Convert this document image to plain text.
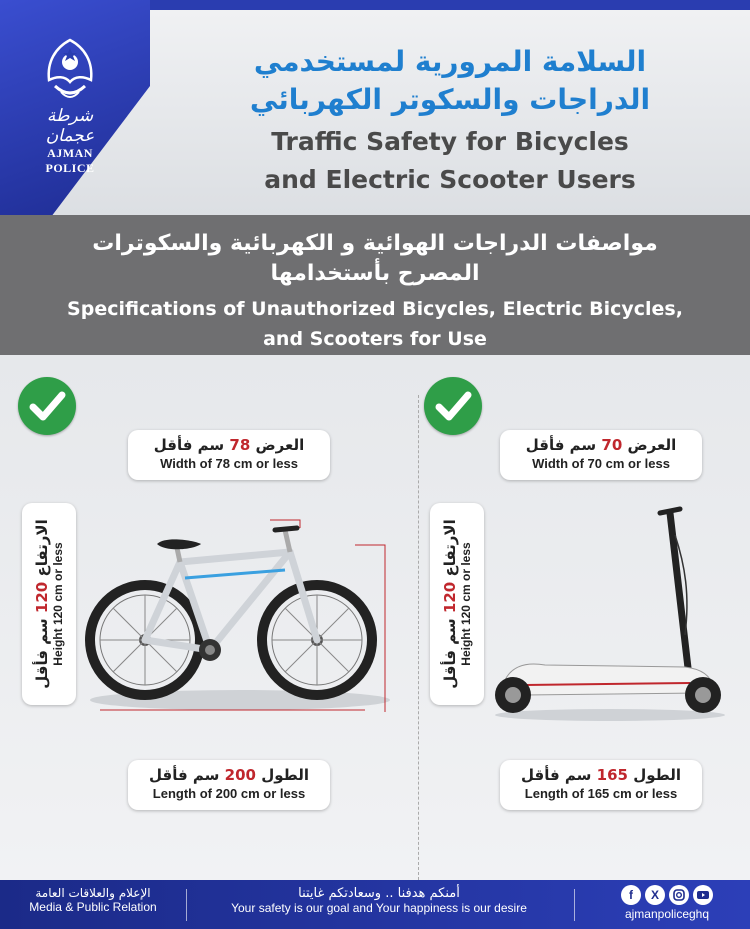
شرطة عجمان
AJMAN POLICE
السلامة المرورية لمستخدمي
الدراجات والسكوتر الكهربائي
Traffic Safety for Bicycles
and Electric Scooter Users
مواصفات الدراجات الهوائية و الكهربائية والسكوترات
المصرح بأستخدامها
Specifications of Unauthorized Bicycles, Electric Bicycles,
and Scooters for Use
العرض 78 سم فأقل
Width of 78 cm or less
الارتفاع 120 سم فأقل Height 120 cm or less
الطول 200 سم فأقل
Length of 200 cm or less
العرض 70 سم فأقل
Width of 70 cm or less
الارتفاع 120 سم فأقل Height 120 cm or less
الطول 165 سم فأقل
Length of 165 cm or less
الإعلام والعلاقات العامة
Media & Public Relation
أمنكم هدفنا .. وسعادتكم غايتنا
Your safety is our goal and Your happiness is our desire
f	X
ajmanpoliceghq
